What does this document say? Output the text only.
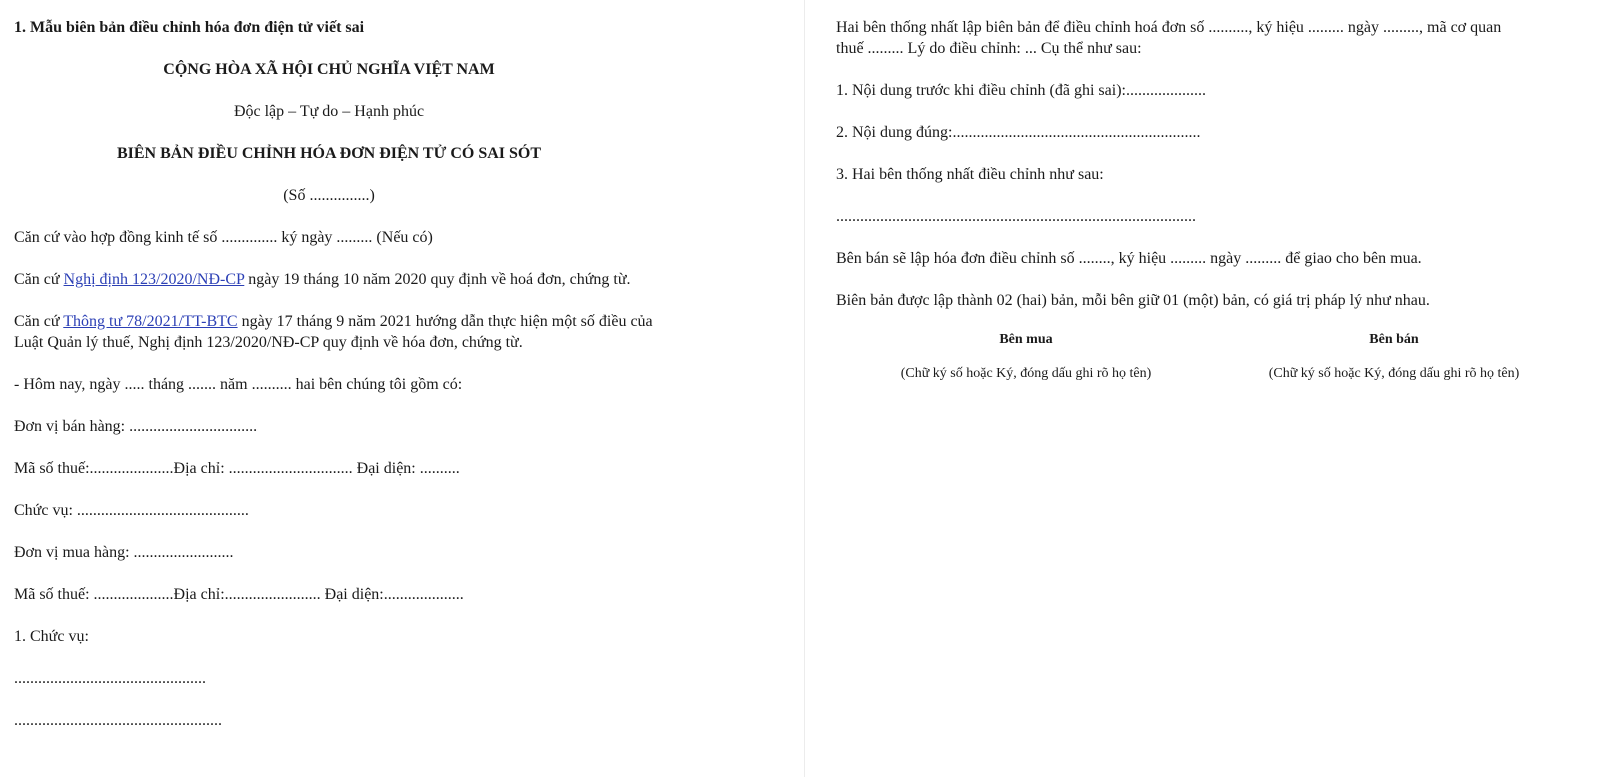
1. Mẫu biên bản điều chỉnh hóa đơn điện tử viết sai
CỘNG HÒA XÃ HỘI CHỦ NGHĨA VIỆT NAM
Độc lập – Tự do – Hạnh phúc
BIÊN BẢN ĐIỀU CHỈNH HÓA ĐƠN ĐIỆN TỬ CÓ SAI SÓT
(Số ...............)
Căn cứ vào hợp đồng kinh tế số .............. ký ngày ......... (Nếu có)
Căn cứ Nghị định 123/2020/NĐ-CP ngày 19 tháng 10 năm 2020 quy định về hoá đơn, chứng từ.
Căn cứ Thông tư 78/2021/TT-BTC ngày 17 tháng 9 năm 2021 hướng dẫn thực hiện một số điều của
Luật Quản lý thuế, Nghị định 123/2020/NĐ-CP quy định về hóa đơn, chứng từ.
- Hôm nay, ngày ..... tháng ....... năm .......... hai bên chúng tôi gồm có:
Đơn vị bán hàng: ................................
Mã số thuế:.....................Địa chỉ: ............................... Đại diện: ..........
Chức vụ: ...........................................
Đơn vị mua hàng: .........................
Mã số thuế: ....................Địa chỉ:........................ Đại diện:....................
1. Chức vụ:
................................................
....................................................
Hai bên thống nhất lập biên bản để điều chỉnh hoá đơn số .........., ký hiệu ......... ngày ........., mã cơ quan
thuế ......... Lý do điều chỉnh: ... Cụ thể như sau:
1. Nội dung trước khi điều chỉnh (đã ghi sai):....................
2. Nội dung đúng:..............................................................
3. Hai bên thống nhất điều chỉnh như sau:
..........................................................................................
Bên bán sẽ lập hóa đơn điều chỉnh số ........, ký hiệu ......... ngày ......... để giao cho bên mua.
Biên bản được lập thành 02 (hai) bản, mỗi bên giữ 01 (một) bản, có giá trị pháp lý như nhau.
Bên mua
(Chữ ký số hoặc Ký, đóng dấu ghi rõ họ tên)
Bên bán
(Chữ ký số hoặc Ký, đóng dấu ghi rõ họ tên)
